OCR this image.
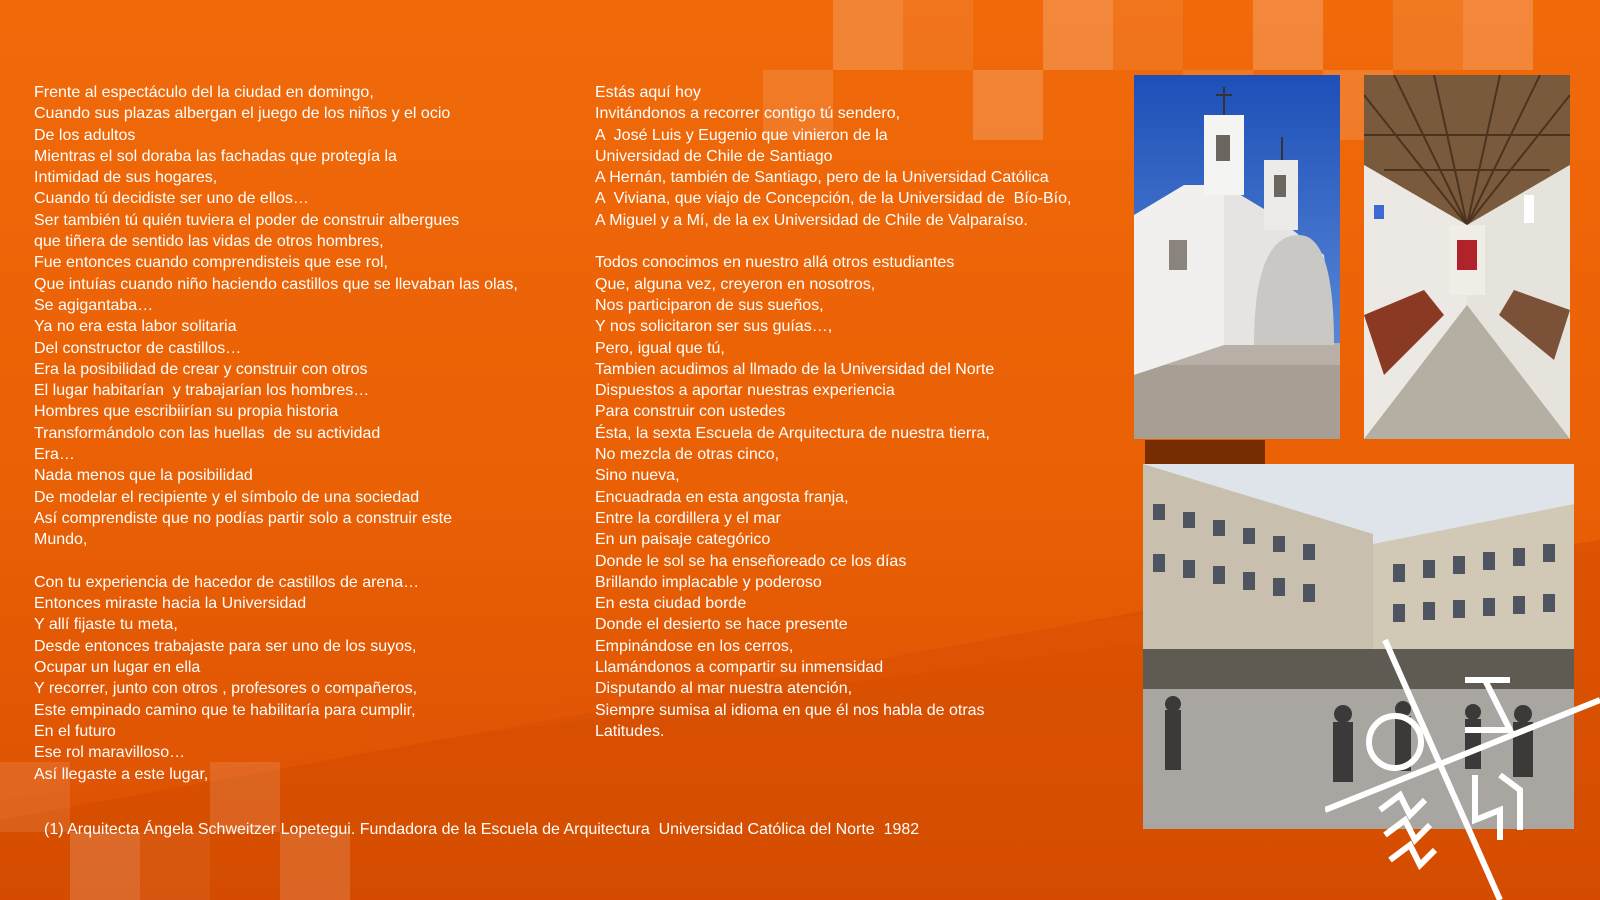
Frente al espectáculo del la ciudad en domingo,
Cuando sus plazas albergan el juego de los niños y el ocio
De los adultos
Mientras el sol doraba las fachadas que protegía la
Intimidad de sus hogares,
Cuando tú decidiste ser uno de ellos…
Ser también tú quién tuviera el poder de construir albergues
que tiñera de sentido las vidas de otros hombres,
Fue entonces cuando comprendisteis que ese rol,
Que intuías cuando niño haciendo castillos que se llevaban las olas,
Se agigantaba…
Ya no era esta labor solitaria
Del constructor de castillos…
Era la posibilidad de crear y construir con otros
El lugar habitarían  y trabajarían los hombres…
Hombres que escribiirían su propia historia
Transformándolo con las huellas  de su actividad
Era…
Nada menos que la posibilidad
De modelar el recipiente y el símbolo de una sociedad
Así comprendiste que no podías partir solo a construir este
Mundo,
Con tu experiencia de hacedor de castillos de arena…
Entonces miraste hacia la Universidad
Y allí fijaste tu meta,
Desde entonces trabajaste para ser uno de los suyos,
Ocupar un lugar en ella
Y recorrer, junto con otros , profesores o compañeros,
Este empinado camino que te habilitaría para cumplir,
En el futuro
Ese rol maravilloso…
Así llegaste a este lugar,
Estás aquí hoy
Invitándonos a recorrer contigo tú sendero,
A  José Luis y Eugenio que vinieron de la
Universidad de Chile de Santiago
A Hernán, también de Santiago, pero de la Universidad Católica
A  Viviana, que viajo de Concepción, de la Universidad de  Bío-Bío,
A Miguel y a Mí, de la ex Universidad de Chile de Valparaíso.
Todos conocimos en nuestro allá otros estudiantes
Que, alguna vez, creyeron en nosotros,
Nos participaron de sus sueños,
Y nos solicitaron ser sus guías…,
Pero, igual que tú,
Tambien acudimos al llmado de la Universidad del Norte
Dispuestos a aportar nuestras experiencia
Para construir con ustedes
Ésta, la sexta Escuela de Arquitectura de nuestra tierra,
No mezcla de otras cinco,
Sino nueva,
Encuadrada en esta angosta franja,
Entre la cordillera y el mar
En un paisaje categórico
Donde le sol se ha enseñoreado ce los días
Brillando implacable y poderoso
En esta ciudad borde
Donde el desierto se hace presente
Empinándose en los cerros,
Llamándonos a compartir su inmensidad
Disputando al mar nuestra atención,
Siempre sumisa al idioma en que él nos habla de otras
Latitudes.
(1) Arquitecta Ángela Schweitzer Lopetegui. Fundadora de la Escuela de Arquitectura  Universidad Católica del Norte  1982
